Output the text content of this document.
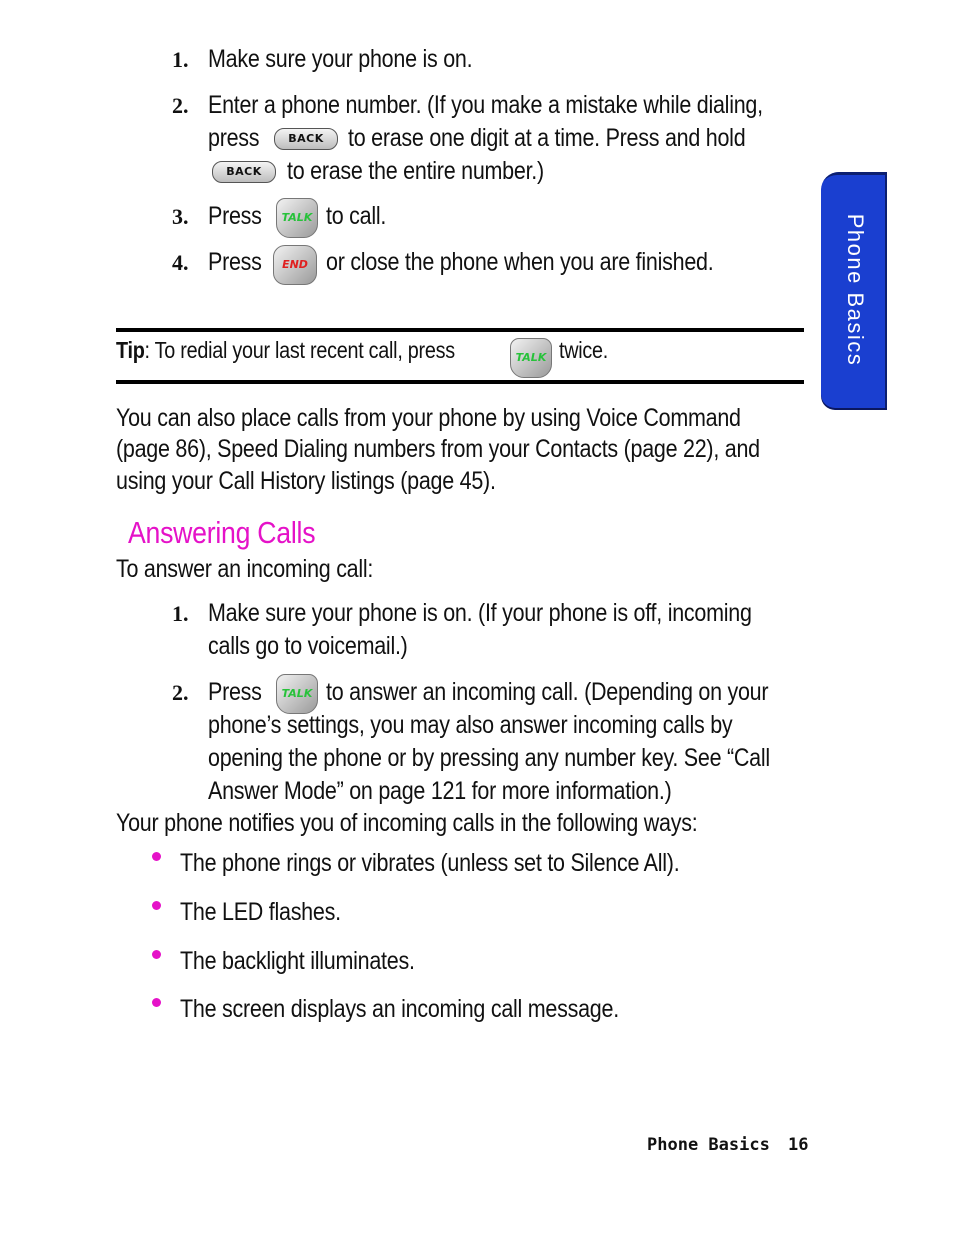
Phone Basics
1. Make sure your phone is on.
2. Enter a phone number. (If you make a mistake while dialing,
press	BACK to erase one digit at a time. Press and hold
BACK	to erase the entire number.)
3. Press	TALK to call.
4. Press	END or close the phone when you are finished.
Tip: To redial your last recent call, press	TALK twice.
You can also place calls from your phone by using Voice Command
(page 86), Speed Dialing numbers from your Contacts (page 22), and
using your Call History listings (page 45).
Answering Calls
To answer an incoming call:
1. Make sure your phone is on. (If your phone is off, incoming
calls go to voicemail.)
2. Press	TALK to answer an incoming call. (Depending on your
phone’s settings, you may also answer incoming calls by
opening the phone or by pressing any number key. See “Call
Answer Mode” on page 121 for more information.)
Your phone notifies you of incoming calls in the following ways:
The phone rings or vibrates (unless set to Silence All).
The LED flashes.
The backlight illuminates.
The screen displays an incoming call message.
Phone Basics 16
